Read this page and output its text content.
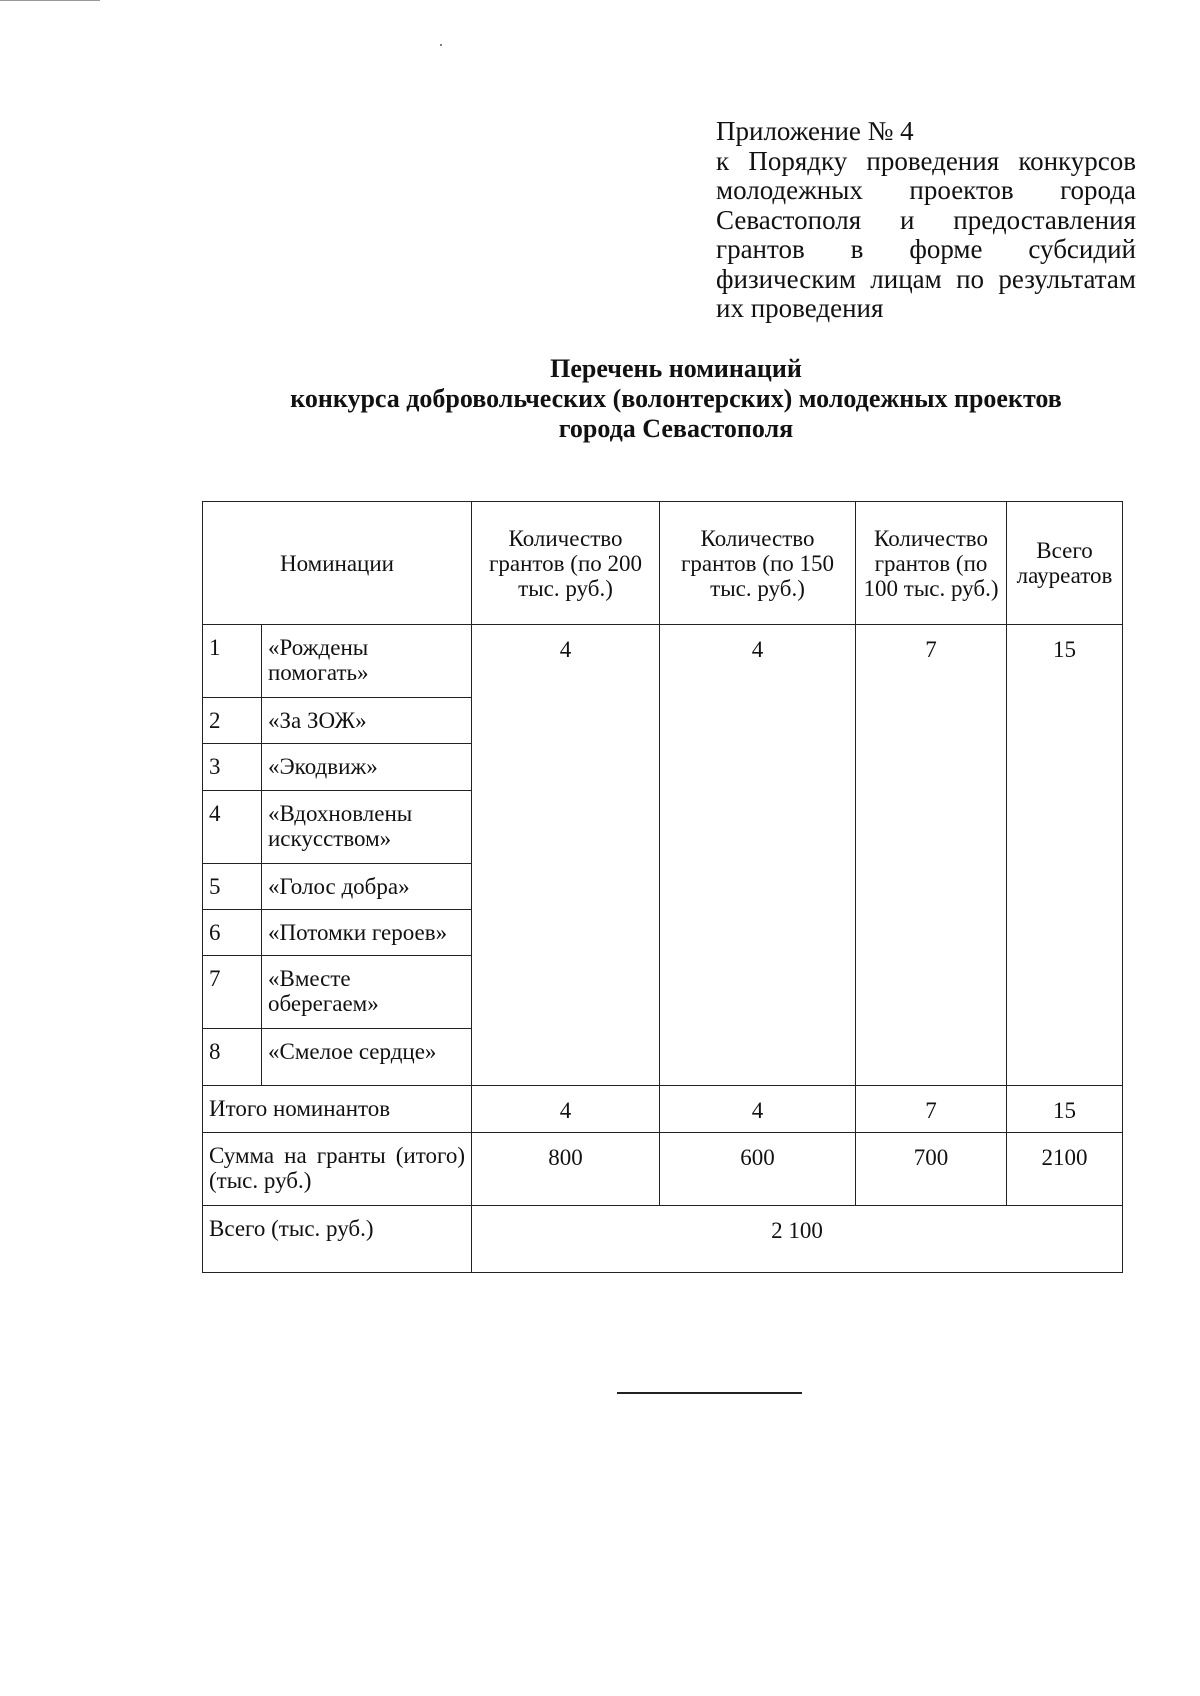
Приложение № 4
к Порядку проведения конкурсов молодежных проектов города Севастополя и предоставления грантов в форме субсидий физическим лицам по результатам их проведения
Перечень номинаций
конкурса добровольческих (волонтерских) молодежных проектов
города Севастополя
Номинации		Количество грантов (по 200 тыс. руб.)	Количество грантов (по 150 тыс. руб.)	Количество грантов (по 100 тыс. руб.)	Всего лауреатов
1	«Рождены помогать»	4	4	7	15
2	«За ЗОЖ»				
3	«Экодвиж»				
4	«Вдохновлены искусством»				
5	«Голос добра»				
6	«Потомки героев»				
7	«Вместе оберегаем»				
8	«Смелое сердце»				
Итого номинантов		4	4	7	15
Сумма на гранты (итого) (тыс. руб.)		800	600	700	2100
Всего (тыс. руб.)		2 100			
